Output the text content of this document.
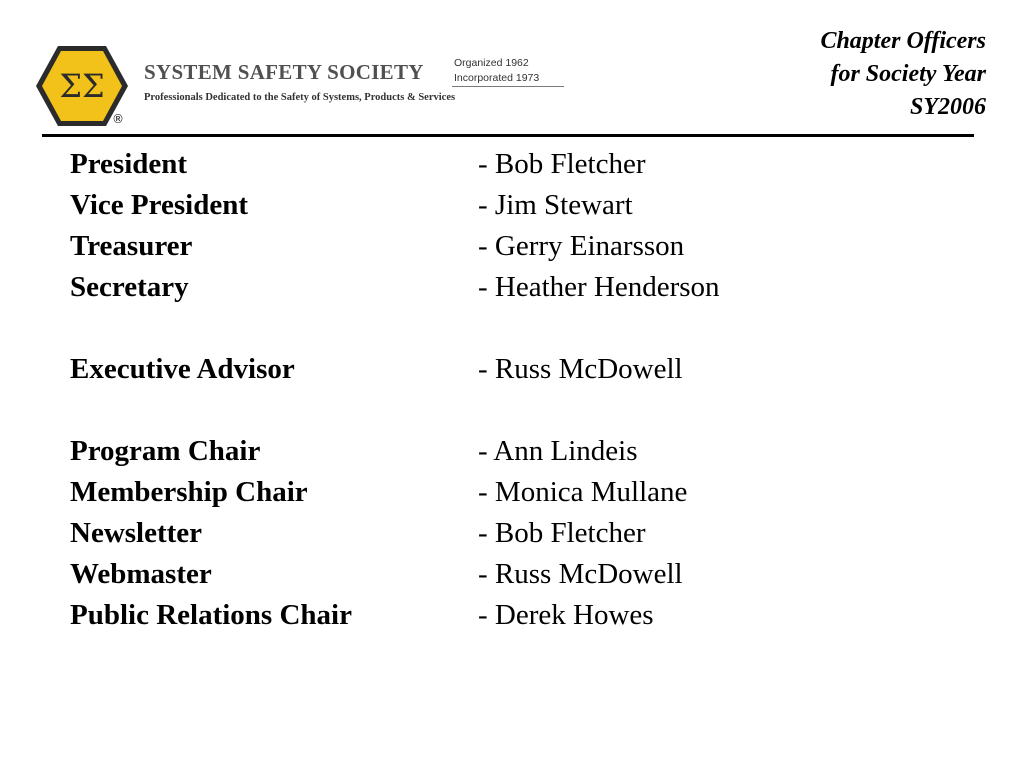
ΣΣ
®
SYSTEM SAFETY SOCIETY	Organized 1962
Incorporated 1973
Professionals Dedicated to the Safety of Systems, Products & Services
Chapter Officers
for Society Year
SY2006
President	- Bob Fletcher
Vice President	- Jim Stewart
Treasurer	- Gerry Einarsson
Secretary	- Heather Henderson
Executive Advisor	- Russ McDowell
Program Chair	- Ann Lindeis
Membership Chair	- Monica Mullane
Newsletter	- Bob Fletcher
Webmaster	- Russ McDowell
Public Relations Chair	- Derek Howes
